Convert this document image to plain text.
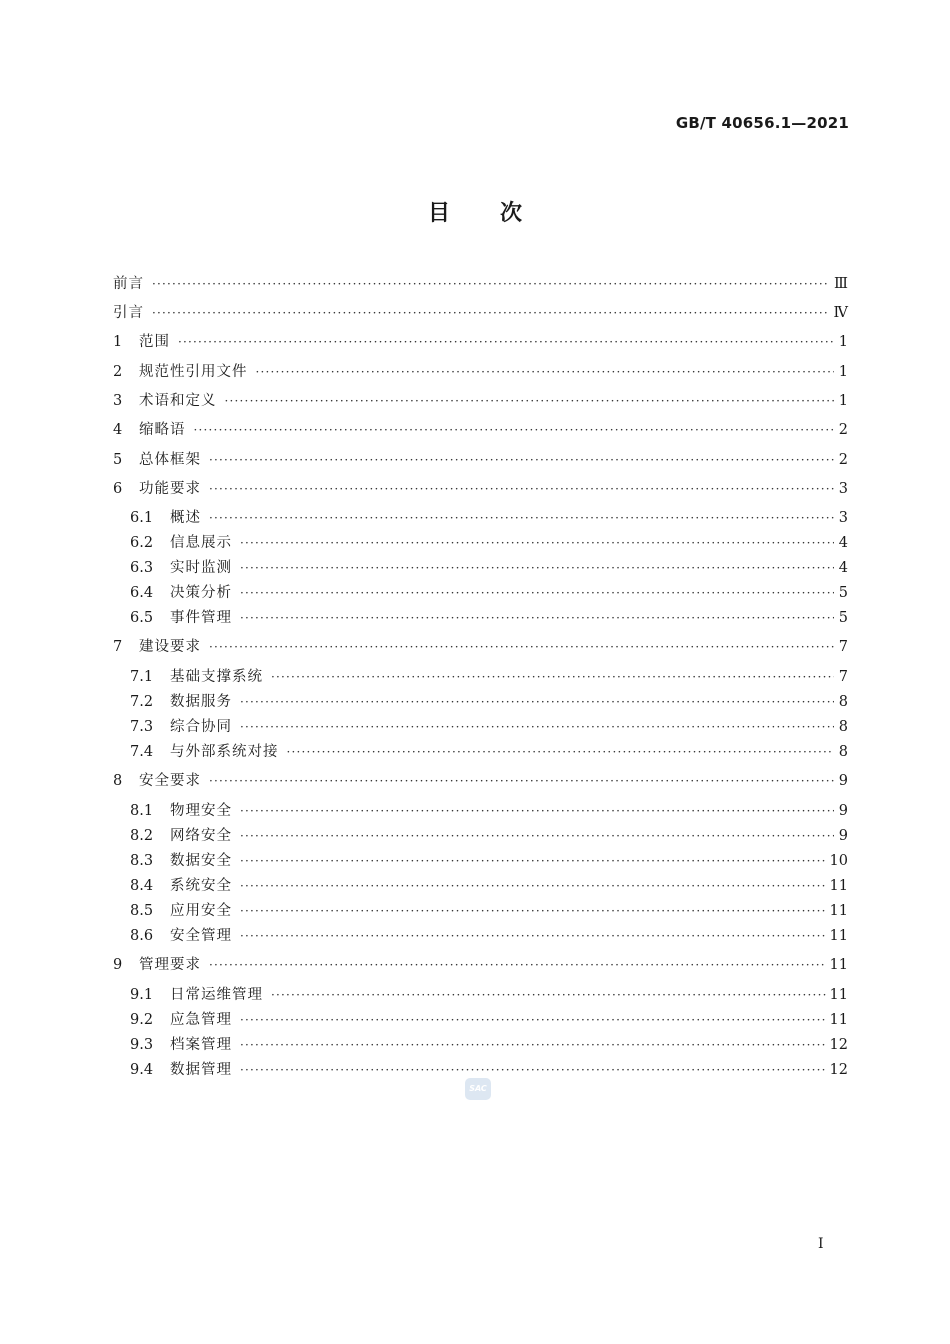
GB/T 40656.1—2021
目次
前言 ·····	Ⅲ
引言 ·····	Ⅳ
1	范围 ·····	1
2	规范性引用文件 ·····	1
3	术语和定义 ·····	1
4	缩略语 ·····	2
5	总体框架 ·····	2
6	功能要求 ·····	3
6.1	概述 ·····	3
6.2	信息展示 ·····	4
6.3	实时监测 ·····	4
6.4	决策分析 ·····	5
6.5	事件管理 ·····	5
7	建设要求 ·····	7
7.1	基础支撑系统 ·····	7
7.2	数据服务 ·····	8
7.3	综合协同 ·····	8
7.4	与外部系统对接 ·····	8
8	安全要求 ·····	9
8.1	物理安全 ·····	9
8.2	网络安全 ·····	9
8.3	数据安全 ·····	10
8.4	系统安全 ·····	11
8.5	应用安全 ·····	11
8.6	安全管理 ·····	11
9	管理要求 ·····	11
9.1	日常运维管理 ·····	11
9.2	应急管理 ·····	11
9.3	档案管理 ·····	12
9.4	数据管理 ·····	12
SAC
I
